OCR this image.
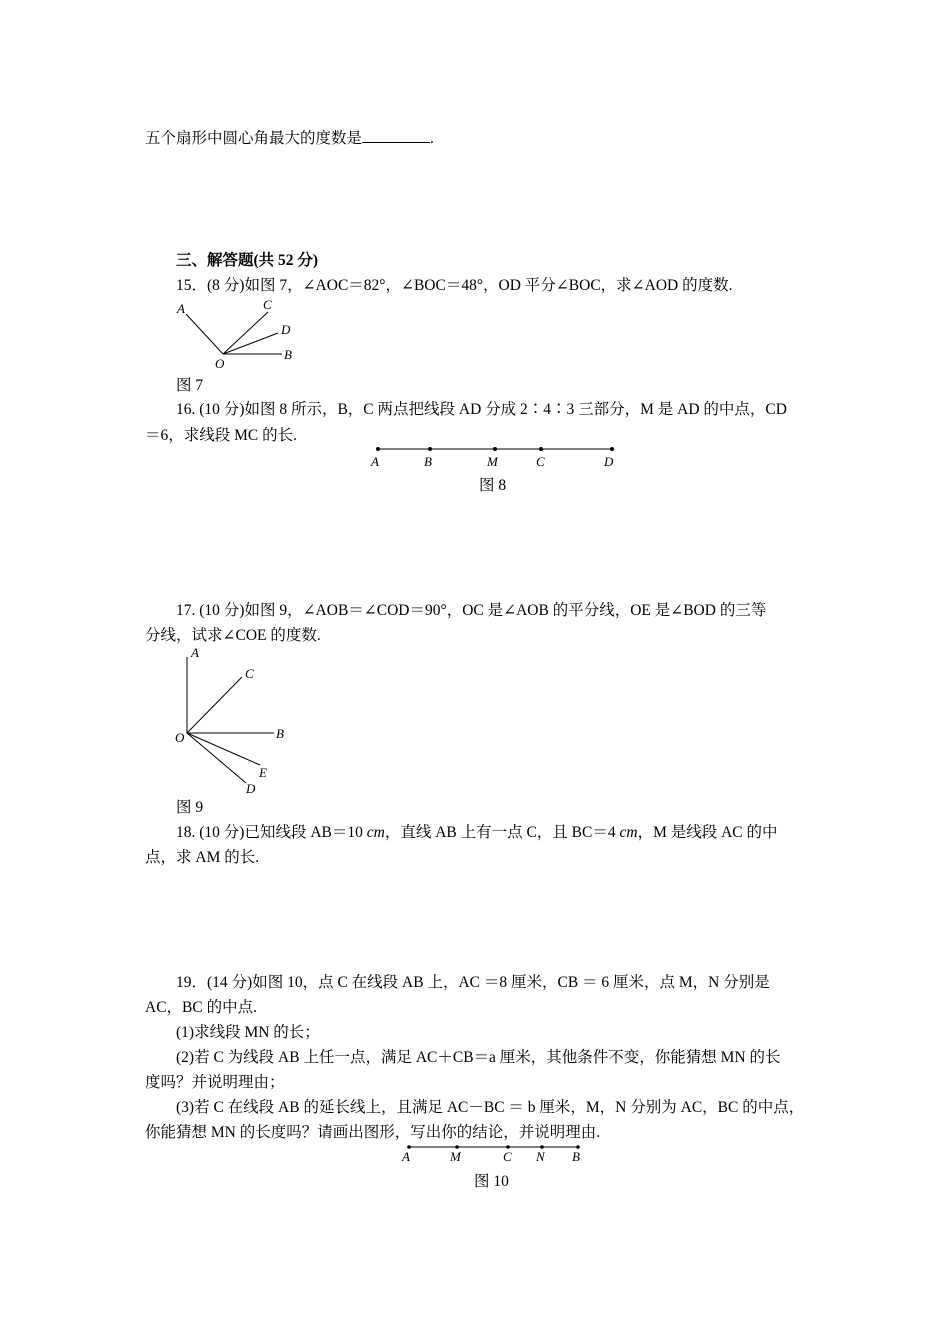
五个扇形中圆心角最大的度数是	.
三、解答题(共 52 分)
15．(8 分)如图 7，∠AOC＝82°，∠BOC＝48°，OD 平分∠BOC，求∠AOD 的度数.
A	C
D
O
B
图 7
16. (10 分)如图 8 所示，B，C 两点把线段 AD 分成 2∶4∶3 三部分，M 是 AD 的中点，CD
＝6，求线段 MC 的长.
A	B	M	C	D
图 8
17. (10 分)如图 9，∠AOB＝∠COD＝90°，OC 是∠AOB 的平分线，OE 是∠BOD 的三等
分线，试求∠COE 的度数.
A
C
O	B
E
D
图 9
18. (10 分)已知线段 AB＝10 cm，直线 AB 上有一点 C，且 BC＝4 cm，M 是线段 AC 的中
点，求 AM 的长.
19．(14 分)如图 10，点 C 在线段 AB 上，AC ＝8 厘米，CB ＝ 6 厘米，点 M，N 分别是
AC，BC 的中点.
(1)求线段 MN 的长；
(2)若 C 为线段 AB 上任一点，满足 AC＋CB＝a 厘米，其他条件不变，你能猜想 MN 的长
度吗？并说明理由；
(3)若 C 在线段 AB 的延长线上，且满足 AC－BC ＝ b 厘米，M，N 分别为 AC，BC 的中点，
你能猜想 MN 的长度吗？请画出图形，写出你的结论，并说明理由.
A	M	C N B
图 10
